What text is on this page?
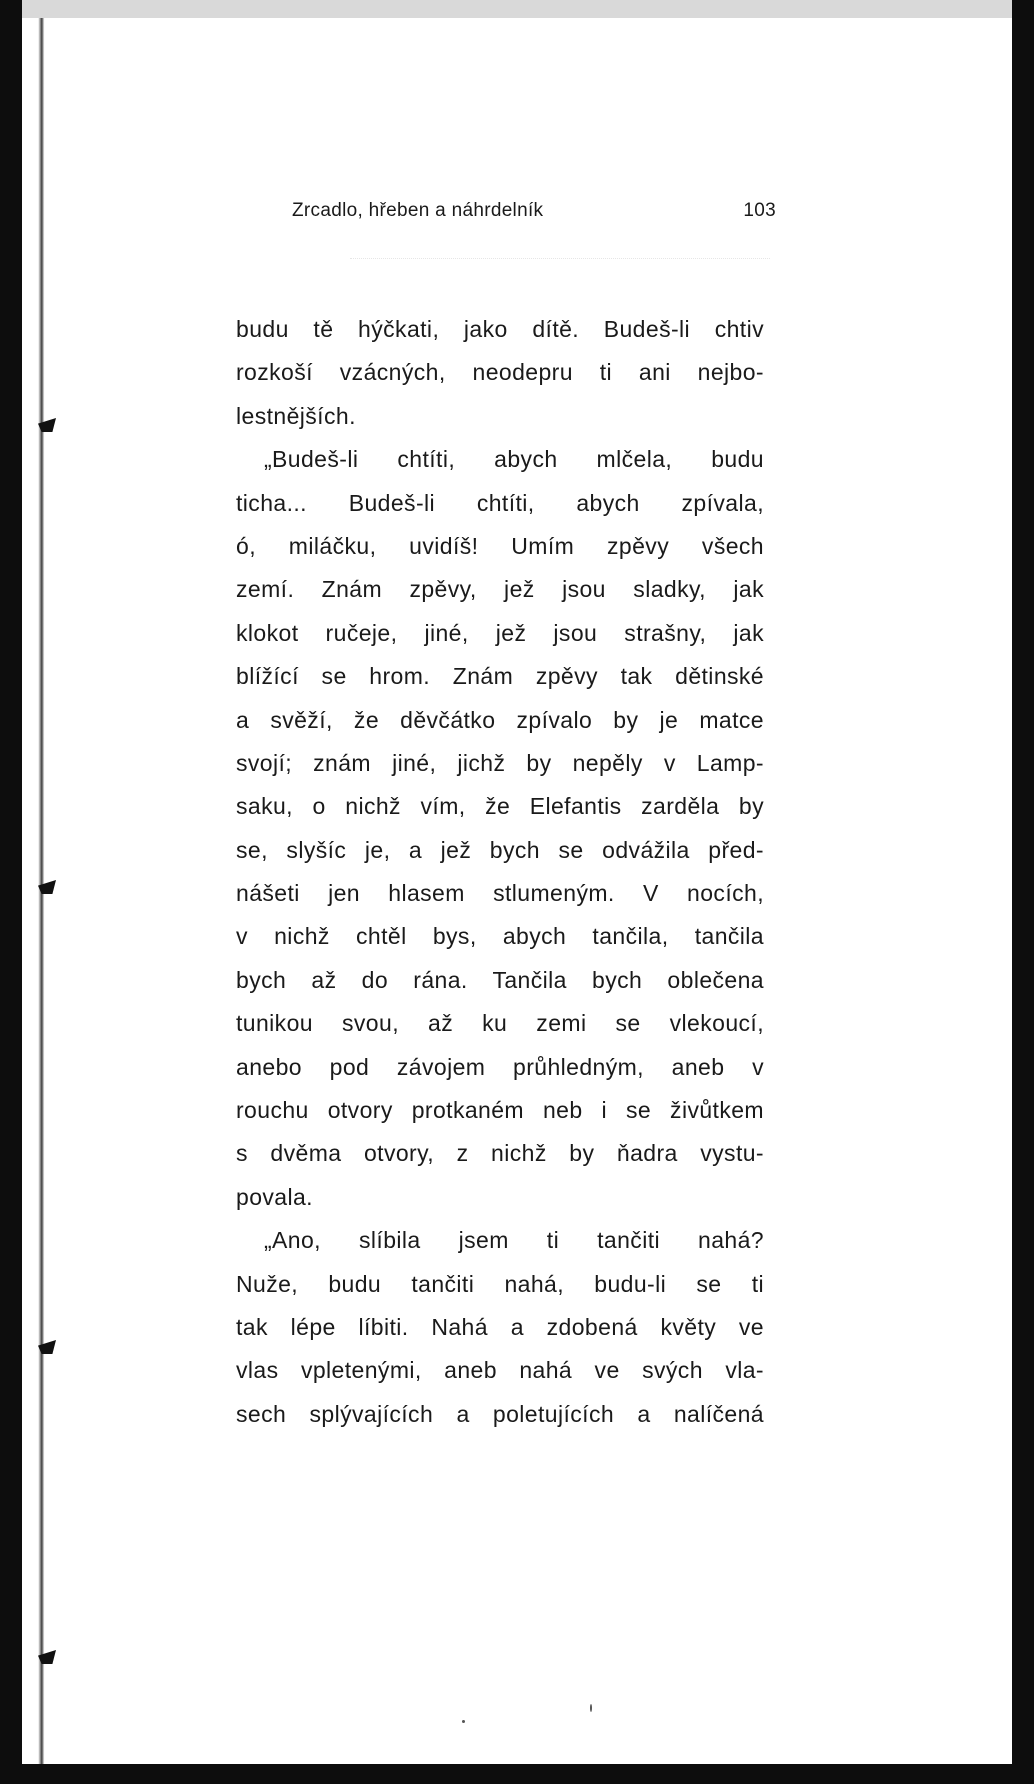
Zrcadlo, hřeben a náhrdelník	103
budu tě hýčkati, jako dítě. Budeš-li chtiv
rozkoší vzácných, neodepru ti ani nejbo-
lestnějších.
„Budeš-li chtíti, abych mlčela, budu
ticha... Budeš-li chtíti, abych zpívala,
ó, miláčku, uvidíš! Umím zpěvy všech
zemí. Znám zpěvy, jež jsou sladky, jak
klokot ručeje, jiné, jež jsou strašny, jak
blížící se hrom. Znám zpěvy tak dětinské
a svěží, že děvčátko zpívalo by je matce
svojí; znám jiné, jichž by nepěly v Lamp-
saku, o nichž vím, že Elefantis zarděla by
se, slyšíc je, a jež bych se odvážila před-
nášeti jen hlasem stlumeným. V nocích,
v nichž chtěl bys, abych tančila, tančila
bych až do rána. Tančila bych oblečena
tunikou svou, až ku zemi se vlekoucí,
anebo pod závojem průhledným, aneb v
rouchu otvory protkaném neb i se živůtkem
s dvěma otvory, z nichž by ňadra vystu-
povala.
„Ano, slíbila jsem ti tančiti nahá?
Nuže, budu tančiti nahá, budu-li se ti
tak lépe líbiti. Nahá a zdobená květy ve
vlas vpletenými, aneb nahá ve svých vla-
sech splývajících a poletujících a nalíčená
